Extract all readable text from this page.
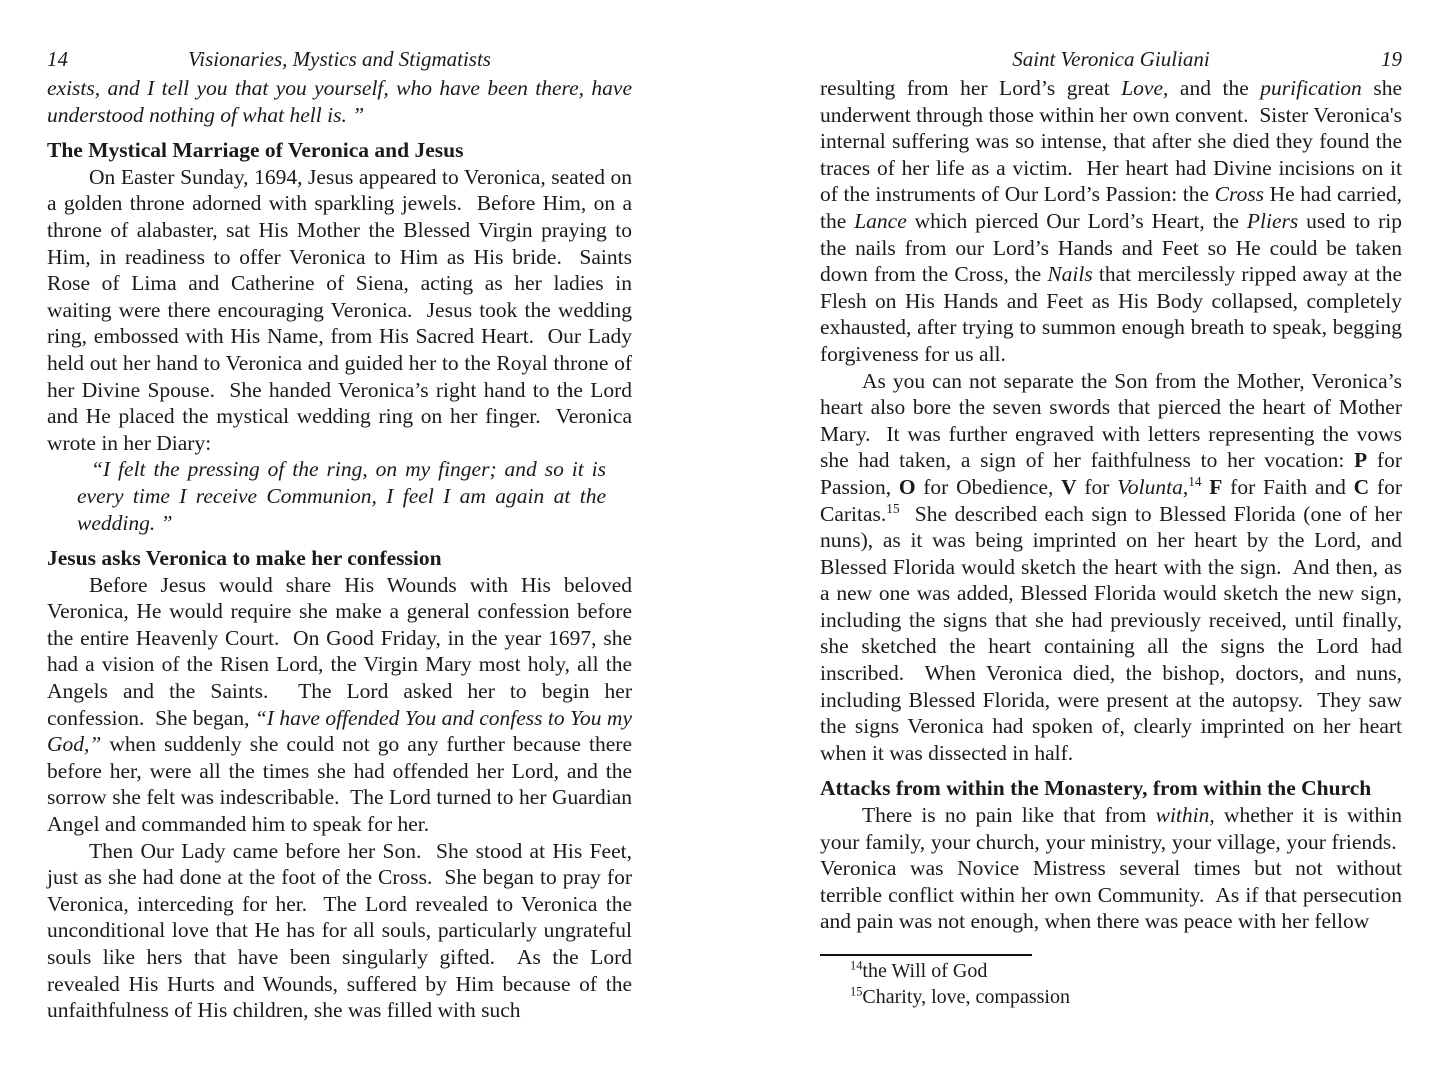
14	Visionaries, Mystics and Stigmatists
exists, and I tell you that you yourself, who have been there, have understood nothing of what hell is. ”
The Mystical Marriage of Veronica and Jesus
On Easter Sunday, 1694, Jesus appeared to Veronica, seated on a golden throne adorned with sparkling jewels.  Before Him, on a throne of alabaster, sat His Mother the Blessed Virgin praying to Him, in readiness to offer Veronica to Him as His bride.  Saints Rose of Lima and Catherine of Siena, acting as her ladies in waiting were there encouraging Veronica.  Jesus took the wedding ring, embossed with His Name, from His Sacred Heart.  Our Lady held out her hand to Veronica and guided her to the Royal throne of her Divine Spouse.  She handed Veronica’s right hand to the Lord and He placed the mystical wedding ring on her finger.  Veronica wrote in her Diary:
“I felt the pressing of the ring, on my finger; and so it is every time I receive Communion, I feel I am again at the wedding. ”
Jesus asks Veronica to make her confession
Before Jesus would share His Wounds with His beloved Veronica, He would require she make a general confession before the entire Heavenly Court.  On Good Friday, in the year 1697, she had a vision of the Risen Lord, the Virgin Mary most holy, all the Angels and the Saints.  The Lord asked her to begin her confession.  She began, “I have offended You and confess to You my God,” when suddenly she could not go any further because there before her, were all the times she had offended her Lord, and the sorrow she felt was indescribable.  The Lord turned to her Guardian Angel and commanded him to speak for her.
Then Our Lady came before her Son.  She stood at His Feet, just as she had done at the foot of the Cross.  She began to pray for Veronica, interceding for her.  The Lord revealed to Veronica the unconditional love that He has for all souls, particularly ungrateful souls like hers that have been singularly gifted.  As the Lord revealed His Hurts and Wounds, suffered by Him because of the unfaithfulness of His children, she was filled with such
Saint Veronica Giuliani	19
resulting from her Lord’s great Love, and the purification she underwent through those within her own convent.  Sister Veronica's internal suffering was so intense, that after she died they found the traces of her life as a victim.  Her heart had Divine incisions on it of the instruments of Our Lord’s Passion: the Cross He had carried, the Lance which pierced Our Lord’s Heart, the Pliers used to rip the nails from our Lord’s Hands and Feet so He could be taken down from the Cross, the Nails that mercilessly ripped away at the Flesh on His Hands and Feet as His Body collapsed, completely exhausted, after trying to summon enough breath to speak, begging forgiveness for us all.
As you can not separate the Son from the Mother, Veronica’s heart also bore the seven swords that pierced the heart of Mother Mary.  It was further engraved with letters representing the vows she had taken, a sign of her faithfulness to her vocation: P for Passion, O for Obedience, V for Volunta,$^{14}$ F for Faith and C for Caritas.$^{15}$  She described each sign to Blessed Florida (one of her nuns), as it was being imprinted on her heart by the Lord, and Blessed Florida would sketch the heart with the sign.  And then, as a new one was added, Blessed Florida would sketch the new sign, including the signs that she had previously received, until finally, she sketched the heart containing all the signs the Lord had inscribed.  When Veronica died, the bishop, doctors, and nuns, including Blessed Florida, were present at the autopsy.  They saw the signs Veronica had spoken of, clearly imprinted on her heart when it was dissected in half.
Attacks from within the Monastery, from within the Church
There is no pain like that from within, whether it is within your family, your church, your ministry, your village, your friends.  Veronica was Novice Mistress several times but not without terrible conflict within her own Community.  As if that persecution and pain was not enough, when there was peace with her fellow
$^{14}$the Will of God
$^{15}$Charity, love, compassion
